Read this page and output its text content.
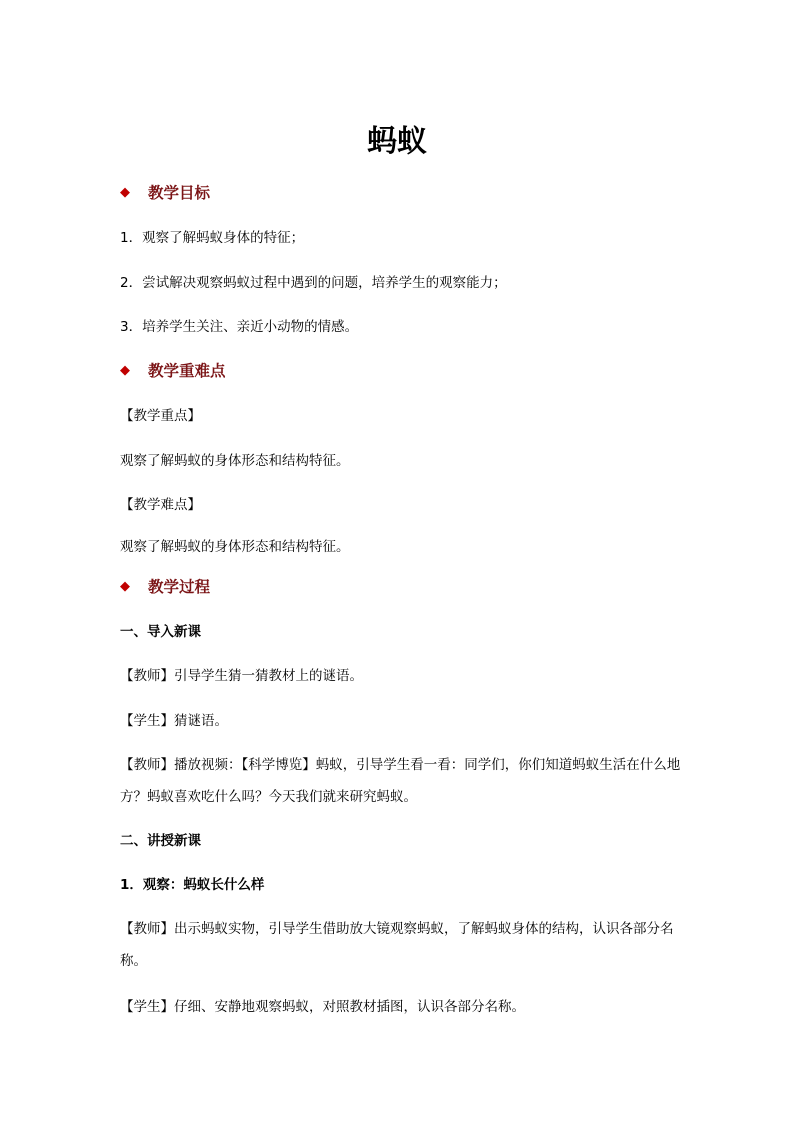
蚂蚁
◆ 教学目标
1．观察了解蚂蚁身体的特征；
2．尝试解决观察蚂蚁过程中遇到的问题，培养学生的观察能力；
3．培养学生关注、亲近小动物的情感。
◆ 教学重难点
【教学重点】
观察了解蚂蚁的身体形态和结构特征。
【教学难点】
观察了解蚂蚁的身体形态和结构特征。
◆ 教学过程
一、导入新课
【教师】引导学生猜一猜教材上的谜语。
【学生】猜谜语。
【教师】播放视频：【科学博览】蚂蚁，引导学生看一看：同学们，你们知道蚂蚁生活在什么地方？蚂蚁喜欢吃什么吗？今天我们就来研究蚂蚁。
二、讲授新课
1．观察：蚂蚁长什么样
【教师】出示蚂蚁实物，引导学生借助放大镜观察蚂蚁，了解蚂蚁身体的结构，认识各部分名称。
【学生】仔细、安静地观察蚂蚁，对照教材插图，认识各部分名称。
